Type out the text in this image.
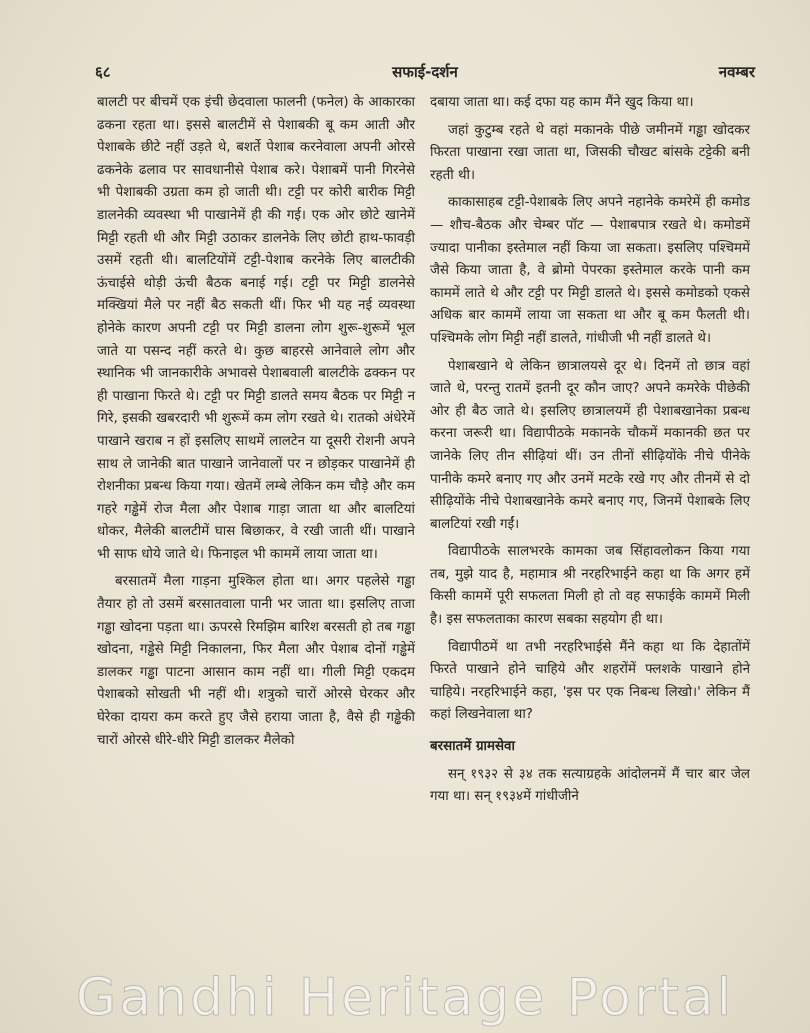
६८	सफाई-दर्शन	नवम्बर

बालटी पर बीचमें एक इंची छेदवाला फालनी (फनेल) के आकारका ढकना रहता था। इससे बालटीमें से पेशाबकी बू कम आती और पेशाबके छीटे नहीं उड़ते थे, बशर्ते पेशाब करनेवाला अपनी ओरसे ढकनेके ढलाव पर सावधानीसे पेशाब करे। पेशाबमें पानी गिरनेसे भी पेशाबकी उग्रता कम हो जाती थी। टट्टी पर कोरी बारीक मिट्टी डालनेकी व्यवस्था भी पाखानेमें ही की गई। एक ओर छोटे खानेमें मिट्टी रहती थी और मिट्टी उठाकर डालनेके लिए छोटी हाथ-फावड़ी उसमें रहती थी। बालटियोंमें टट्टी-पेशाब करनेके लिए बालटीकी ऊंचाईसे थोड़ी ऊंची बैठक बनाई गई। टट्टी पर मिट्टी डालनेसे मक्खियां मैले पर नहीं बैठ सकती थीं। फिर भी यह नई व्यवस्था होनेके कारण अपनी टट्टी पर मिट्टी डालना लोग शुरू-शुरूमें भूल जाते या पसन्द नहीं करते थे। कुछ बाहरसे आनेवाले लोग और स्थानिक भी जानकारीके अभावसे पेशाबवाली बालटीके ढक्कन पर ही पाखाना फिरते थे। टट्टी पर मिट्टी डालते समय बैठक पर मिट्टी न गिरे, इसकी खबरदारी भी शुरूमें कम लोग रखते थे। रातको अंधेरेमें पाखाने खराब न हों इसलिए साथमें लालटेन या दूसरी रोशनी अपने साथ ले जानेकी बात पाखाने जानेवालों पर न छोड़कर पाखानेमें ही रोशनीका प्रबन्ध किया गया। खेतमें लम्बे लेकिन कम चौड़े और कम गहरे गड्ढेमें रोज मैला और पेशाब गाड़ा जाता था और बालटियां धोकर, मैलेकी बालटीमें घास बिछाकर, वे रखी जाती थीं। पाखाने भी साफ धोये जाते थे। फिनाइल भी काममें लाया जाता था।

बरसातमें मैला गाड़ना मुश्किल होता था। अगर पहलेसे गड्ढा तैयार हो तो उसमें बरसातवाला पानी भर जाता था। इसलिए ताजा गड्ढा खोदना पड़ता था। ऊपरसे रिमझिम बारिश बरसती हो तब गड्ढा खोदना, गड्ढेसे मिट्टी निकालना, फिर मैला और पेशाब दोनों गड्ढेमें डालकर गड्ढा पाटना आसान काम नहीं था। गीली मिट्टी एकदम पेशाबको सोखती भी नहीं थी। शत्रुको चारों ओरसे घेरकर और घेरेका दायरा कम करते हुए जैसे हराया जाता है, वैसे ही गड्ढेकी चारों ओरसे धीरे-धीरे मिट्टी डालकर मैलेको

दबाया जाता था। कई दफा यह काम मैंने खुद किया था।

जहां कुटुम्ब रहते थे वहां मकानके पीछे जमीनमें गड्ढा खोदकर फिरता पाखाना रखा जाता था, जिसकी चौखट बांसके टट्टेकी बनी रहती थी।

काकासाहब टट्टी-पेशाबके लिए अपने नहानेके कमरेमें ही कमोड — शौच-बैठक और चेम्बर पॉट — पेशाबपात्र रखते थे। कमोडमें ज्यादा पानीका इस्तेमाल नहीं किया जा सकता। इसलिए पश्चिममें जैसे किया जाता है, वे ब्रोमो पेपरका इस्तेमाल करके पानी कम काममें लाते थे और टट्टी पर मिट्टी डालते थे। इससे कमोडको एकसे अधिक बार काममें लाया जा सकता था और बू कम फैलती थी। पश्चिमके लोग मिट्टी नहीं डालते, गांधीजी भी नहीं डालते थे।

पेशाबखाने थे लेकिन छात्रालयसे दूर थे। दिनमें तो छात्र वहां जाते थे, परन्तु रातमें इतनी दूर कौन जाए? अपने कमरेके पीछेकी ओर ही बैठ जाते थे। इसलिए छात्रालयमें ही पेशाबखानेका प्रबन्ध करना जरूरी था। विद्यापीठके मकानके चौकमें मकानकी छत पर जानेके लिए तीन सीढ़ियां थीं। उन तीनों सीढ़ियोंके नीचे पीनेके पानीके कमरे बनाए गए और उनमें मटके रखे गए और तीनमें से दो सीढ़ियोंके नीचे पेशाबखानेके कमरे बनाए गए, जिनमें पेशाबके लिए बालटियां रखी गईं।

विद्यापीठके सालभरके कामका जब सिंहावलोकन किया गया तब, मुझे याद है, महामात्र श्री नरहरिभाईने कहा था कि अगर हमें किसी काममें पूरी सफलता मिली हो तो वह सफाईके काममें मिली है। इस सफलताका कारण सबका सहयोग ही था।

विद्यापीठमें था तभी नरहरिभाईसे मैंने कहा था कि देहातोंमें फिरते पाखाने होने चाहिये और शहरोंमें फ्लशके पाखाने होने चाहिये। नरहरिभाईने कहा, 'इस पर एक निबन्ध लिखो।' लेकिन मैं कहां लिखनेवाला था?

बरसातमें ग्रामसेवा

सन् १९३२ से ३४ तक सत्याग्रहके आंदोलनमें मैं चार बार जेल गया था। सन् १९३४में गांधीजीने

Gandhi Heritage Portal
